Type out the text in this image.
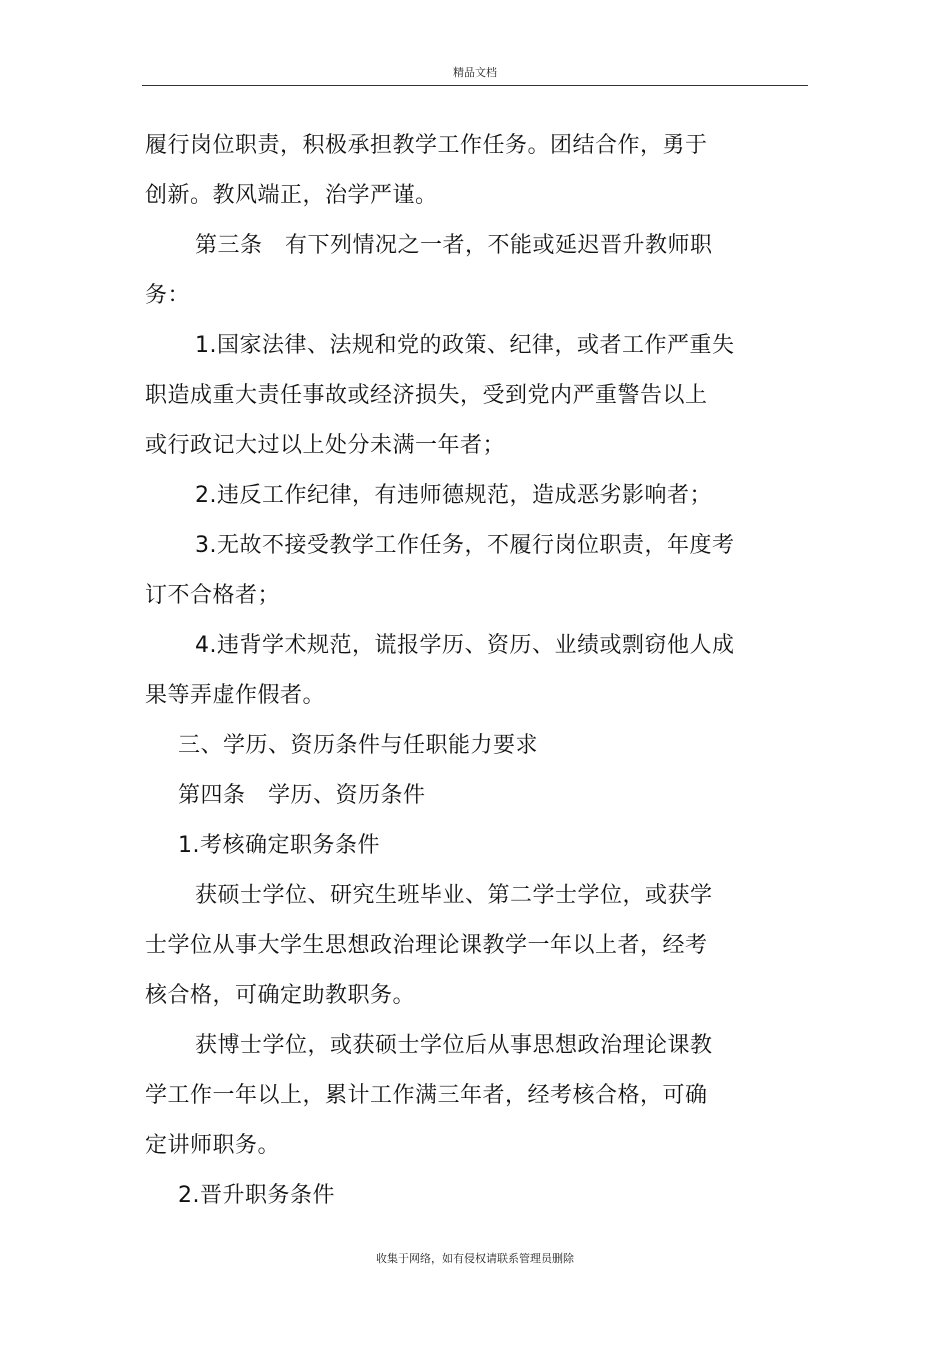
精品文档
履行岗位职责，积极承担教学工作任务。团结合作，勇于
创新。教风端正，治学严谨。
第三条　有下列情况之一者，不能或延迟晋升教师职
务：
1.国家法律、法规和党的政策、纪律，或者工作严重失
职造成重大责任事故或经济损失，受到党内严重警告以上
或行政记大过以上处分未满一年者；
2.违反工作纪律，有违师德规范，造成恶劣影响者；
3.无故不接受教学工作任务，不履行岗位职责，年度考
订不合格者；
4.违背学术规范，谎报学历、资历、业绩或剽窃他人成
果等弄虚作假者。
三、学历、资历条件与任职能力要求
第四条　学历、资历条件
1.考核确定职务条件
获硕士学位、研究生班毕业、第二学士学位，或获学
士学位从事大学生思想政治理论课教学一年以上者，经考
核合格，可确定助教职务。
获博士学位，或获硕士学位后从事思想政治理论课教
学工作一年以上，累计工作满三年者，经考核合格，可确
定讲师职务。
2.晋升职务条件
收集于网络，如有侵权请联系管理员删除
